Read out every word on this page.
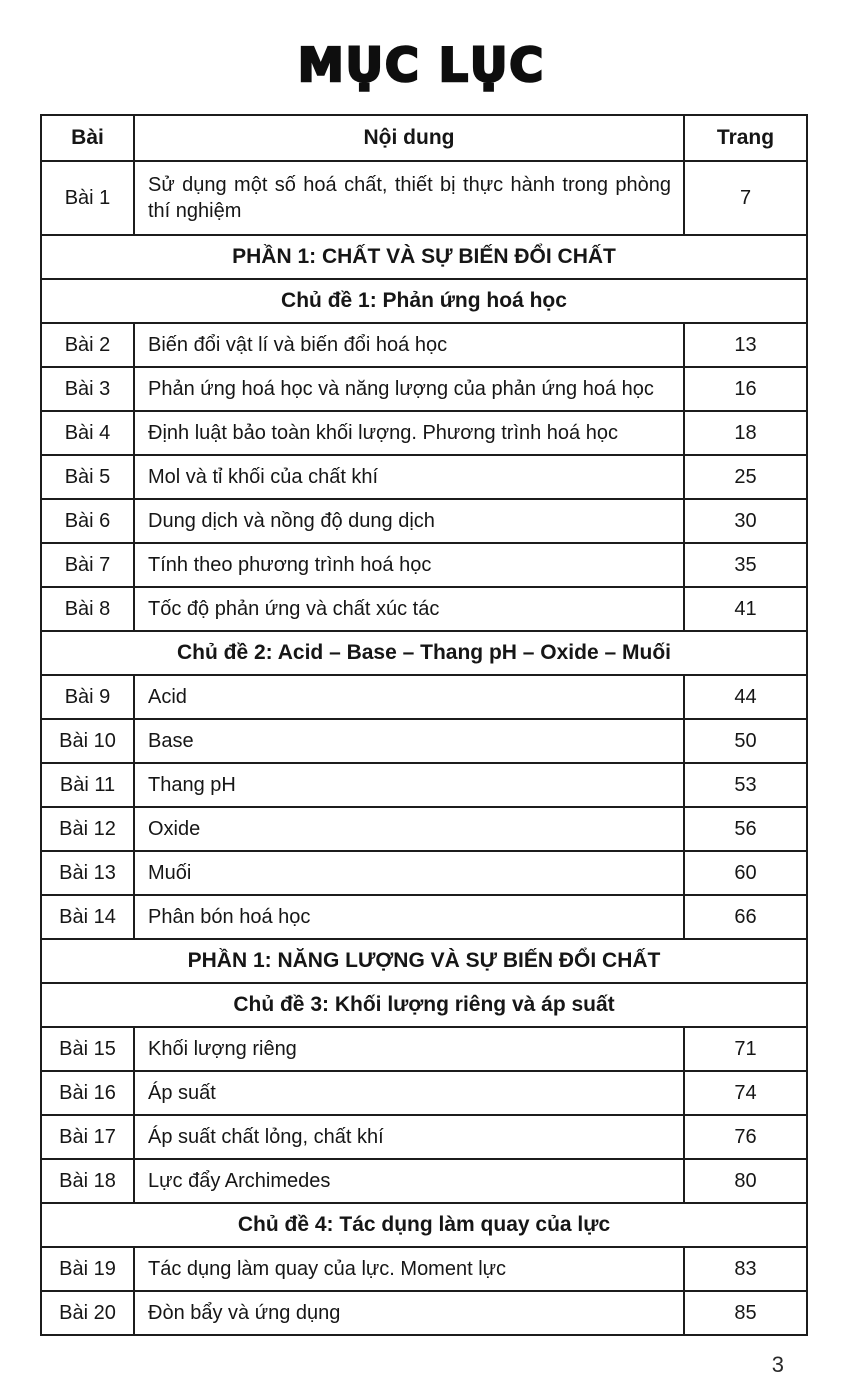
MỤC LỤC
Bài	Nội dung	Trang
Bài 1	Sử dụng một số hoá chất, thiết bị thực hành trong phòng thí nghiệm	7
PHẦN 1: CHẤT VÀ SỰ BIẾN ĐỔI CHẤT		
Chủ đề 1: Phản ứng hoá học		
Bài 2	Biến đổi vật lí và biến đổi hoá học	13
Bài 3	Phản ứng hoá học và năng lượng của phản ứng hoá học	16
Bài 4	Định luật bảo toàn khối lượng. Phương trình hoá học	18
Bài 5	Mol và tỉ khối của chất khí	25
Bài 6	Dung dịch và nồng độ dung dịch	30
Bài 7	Tính theo phương trình hoá học	35
Bài 8	Tốc độ phản ứng và chất xúc tác	41
Chủ đề 2: Acid – Base – Thang pH – Oxide – Muối		
Bài 9	Acid	44
Bài 10	Base	50
Bài 11	Thang pH	53
Bài 12	Oxide	56
Bài 13	Muối	60
Bài 14	Phân bón hoá học	66
PHẦN 1: NĂNG LƯỢNG VÀ SỰ BIẾN ĐỔI CHẤT		
Chủ đề 3: Khối lượng riêng và áp suất		
Bài 15	Khối lượng riêng	71
Bài 16	Áp suất	74
Bài 17	Áp suất chất lỏng, chất khí	76
Bài 18	Lực đẩy Archimedes	80
Chủ đề 4: Tác dụng làm quay của lực		
Bài 19	Tác dụng làm quay của lực. Moment lực	83
Bài 20	Đòn bẩy và ứng dụng	85
3
